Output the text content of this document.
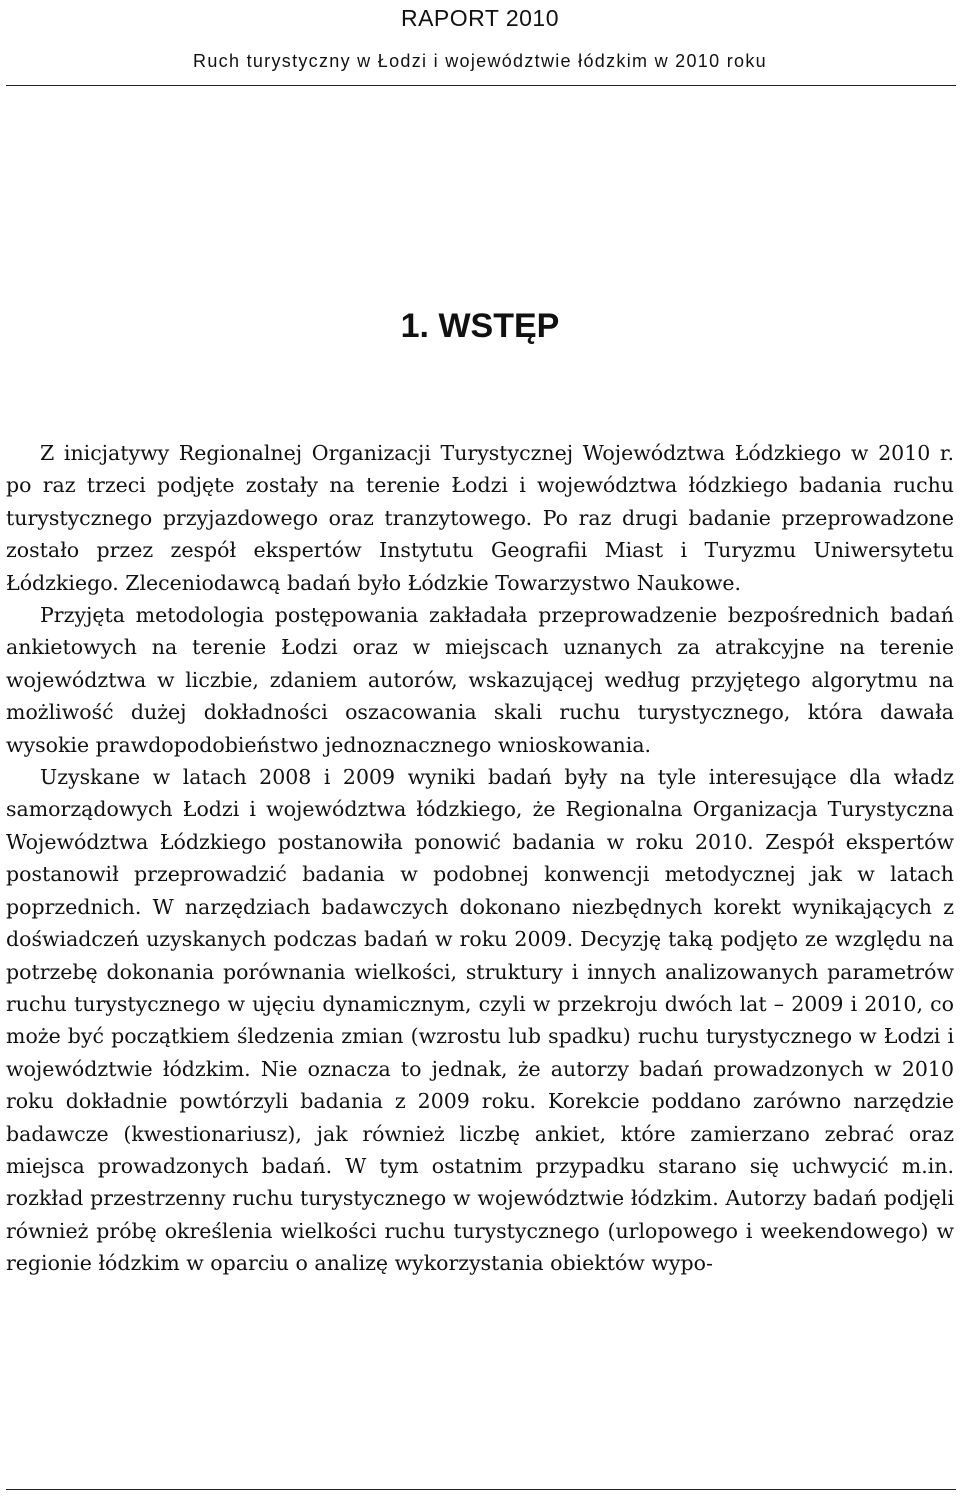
RAPORT 2010
Ruch turystyczny w Łodzi i województwie łódzkim w 2010 roku
1. WSTĘP

Z inicjatywy Regionalnej Organizacji Turystycznej Województwa Łódzkiego w 2010 r. po raz trzeci podjęte zostały na terenie Łodzi i województwa łódzkiego badania ruchu turystycznego przyjazdowego oraz tranzytowego. Po raz drugi badanie przeprowadzone zostało przez zespół ekspertów Instytutu Geografii Miast i Turyzmu Uniwersytetu Łódzkiego. Zleceniodawcą badań było Łódzkie Towarzystwo Naukowe.

Przyjęta metodologia postępowania zakładała przeprowadzenie bezpośrednich badań ankietowych na terenie Łodzi oraz w miejscach uznanych za atrakcyjne na terenie województwa w liczbie, zdaniem autorów, wskazującej według przyjętego algorytmu na możliwość dużej dokładności oszacowania skali ruchu turystycznego, która dawała wysokie prawdopodobieństwo jednoznacznego wnioskowania.

Uzyskane w latach 2008 i 2009 wyniki badań były na tyle interesujące dla władz samorządowych Łodzi i województwa łódzkiego, że Regionalna Organizacja Turystyczna Województwa Łódzkiego postanowiła ponowić badania w roku 2010. Zespół ekspertów postanowił przeprowadzić badania w podobnej konwencji metodycznej jak w latach poprzednich. W narzędziach badawczych dokonano niezbędnych korekt wynikających z doświadczeń uzyskanych podczas badań w roku 2009. Decyzję taką podjęto ze względu na potrzebę dokonania porównania wielkości, struktury i innych analizowanych parametrów ruchu turystycznego w ujęciu dynamicznym, czyli w przekroju dwóch lat – 2009 i 2010, co może być początkiem śledzenia zmian (wzrostu lub spadku) ruchu turystycznego w Łodzi i województwie łódzkim. Nie oznacza to jednak, że autorzy badań prowadzonych w 2010 roku dokładnie powtórzyli badania z 2009 roku. Korekcie poddano zarówno narzędzie badawcze (kwestionariusz), jak również liczbę ankiet, które zamierzano zebrać oraz miejsca prowadzonych badań. W tym ostatnim przypadku starano się uchwycić m.in. rozkład przestrzenny ruchu turystycznego w województwie łódzkim. Autorzy badań podjęli również próbę określenia wielkości ruchu turystycznego (urlopowego i weekendowego) w regionie łódzkim w oparciu o analizę wykorzystania obiektów wypo-
